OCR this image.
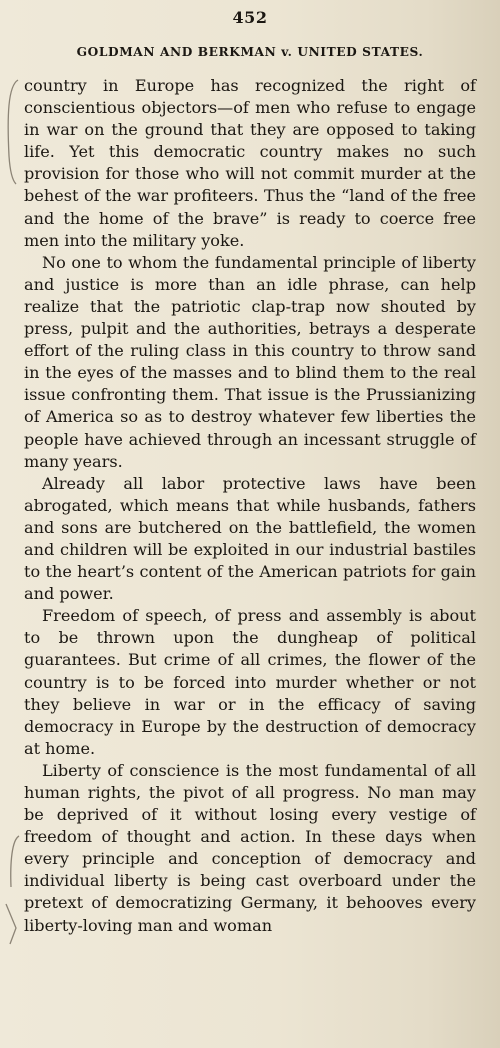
452
GOLDMAN AND BERKMAN v. UNITED STATES.

country in Europe has recognized the right of conscientious objectors—of men who refuse to engage in war on the ground that they are opposed to taking life. Yet this democratic country makes no such provision for those who will not commit murder at the behest of the war profiteers. Thus the “land of the free and the home of the brave” is ready to coerce free men into the military yoke.

No one to whom the fundamental principle of liberty and justice is more than an idle phrase, can help realize that the patriotic clap-trap now shouted by press, pulpit and the authorities, betrays a desperate effort of the ruling class in this country to throw sand in the eyes of the masses and to blind them to the real issue confronting them. That issue is the Prussianizing of America so as to destroy whatever few liberties the people have achieved through an incessant struggle of many years.

Already all labor protective laws have been abrogated, which means that while husbands, fathers and sons are butchered on the battlefield, the women and children will be exploited in our industrial bastiles to the heart’s content of the American patriots for gain and power.

Freedom of speech, of press and assembly is about to be thrown upon the dungheap of political guarantees. But crime of all crimes, the flower of the country is to be forced into murder whether or not they believe in war or in the efficacy of saving democracy in Europe by the destruction of democracy at home.

Liberty of conscience is the most fundamental of all human rights, the pivot of all progress. No man may be deprived of it without losing every vestige of freedom of thought and action. In these days when every principle and conception of democracy and individual liberty is being cast overboard under the pretext of democratizing Germany, it behooves every liberty-loving man and woman
